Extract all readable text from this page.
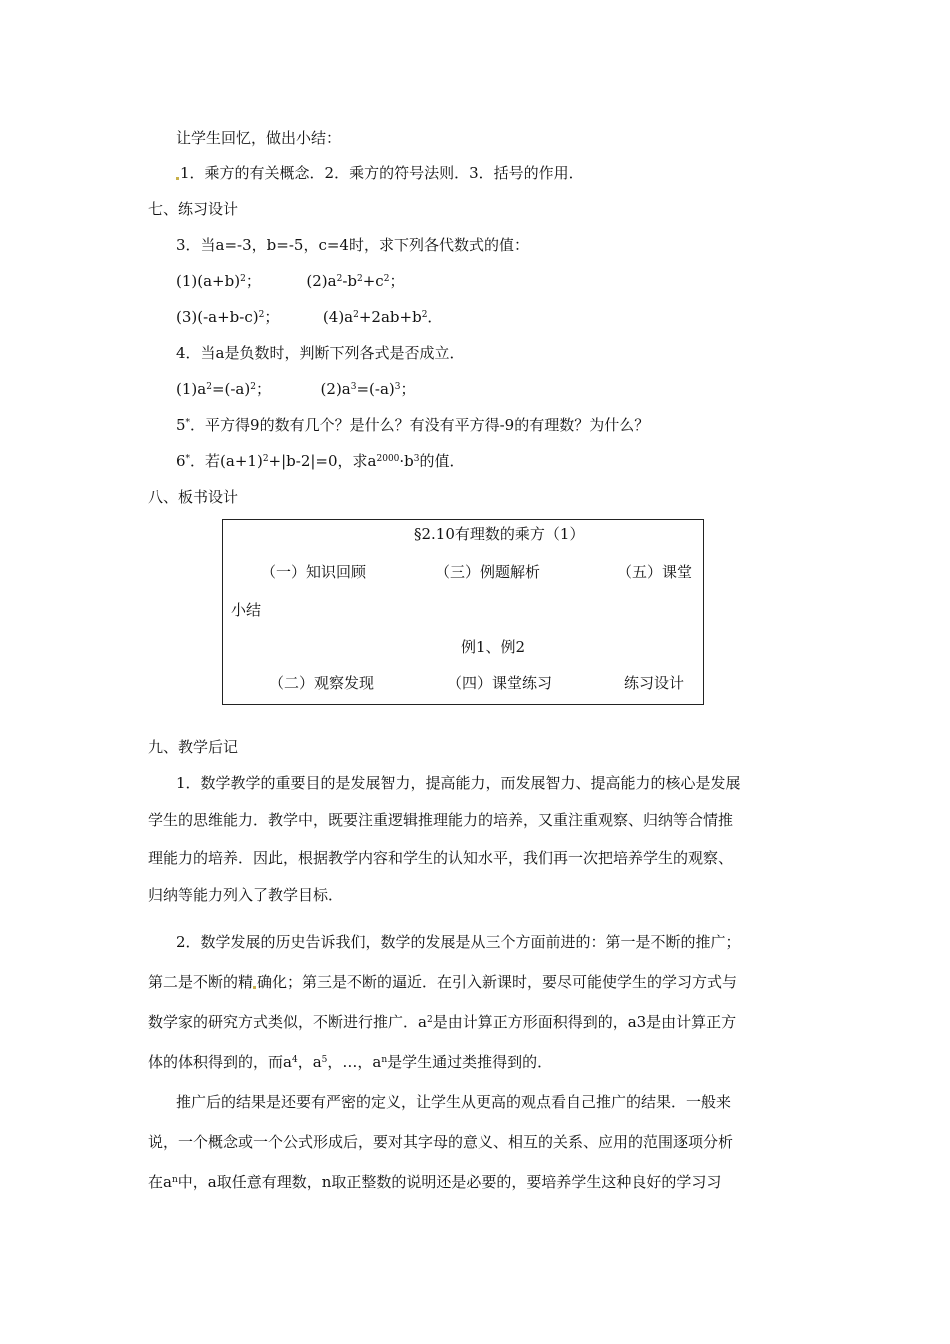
让学生回忆，做出小结：
1．乘方的有关概念．2．乘方的符号法则．3．括号的作用．
七、练习设计
3．当a=-3，b=-5，c=4时，求下列各代数式的值：
$(1)(a+b)^2$；	$(2)a^2-b^2+c^2$；
$(3)(-a+b-c)^2$；	$(4)a^2+2ab+b^2$．
4．当a是负数时，判断下列各式是否成立．
$(1)a^2=(-a)^2$；	$(2)a^3=(-a)^3$；
5*．平方得9的数有几个？是什么？有没有平方得-9的有理数？为什么？
6*．若$(a+1)^2+|b-2|=0$，求$a^{2000}\cdot b^3$的值．
八、板书设计
§2.10有理数的乘方（1）
（一）知识回顾	（三）例题解析	（五）课堂
小结
例1、例2
（二）观察发现	（四）课堂练习	练习设计
九、教学后记
1．数学教学的重要目的是发展智力，提高能力，而发展智力、提高能力的核心是发展
学生的思维能力．教学中，既要注重逻辑推理能力的培养，又重注重观察、归纳等合情推
理能力的培养．因此，根据教学内容和学生的认知水平，我们再一次把培养学生的观察、
归纳等能力列入了教学目标．
2．数学发展的历史告诉我们，数学的发展是从三个方面前进的：第一是不断的推广；
第二是不断的精 确化；第三是不断的逼近．在引入新课时，要尽可能使学生的学习方式与
数学家的研究方式类似，不断进行推广．$a^2$是由计算正方形面积得到的，a3是由计算正方
体的体积得到的，而$a^4$，$a^5$，…，$a^n$是学生通过类推得到的．
推广后的结果是还要有严密的定义，让学生从更高的观点看自己推广的结果．一般来
说，一个概念或一个公式形成后，要对其字母的意义、相互的关系、应用的范围逐项分析
在$a^n$中，a取任意有理数，n取正整数的说明还是必要的，要培养学生这种良好的学习习
